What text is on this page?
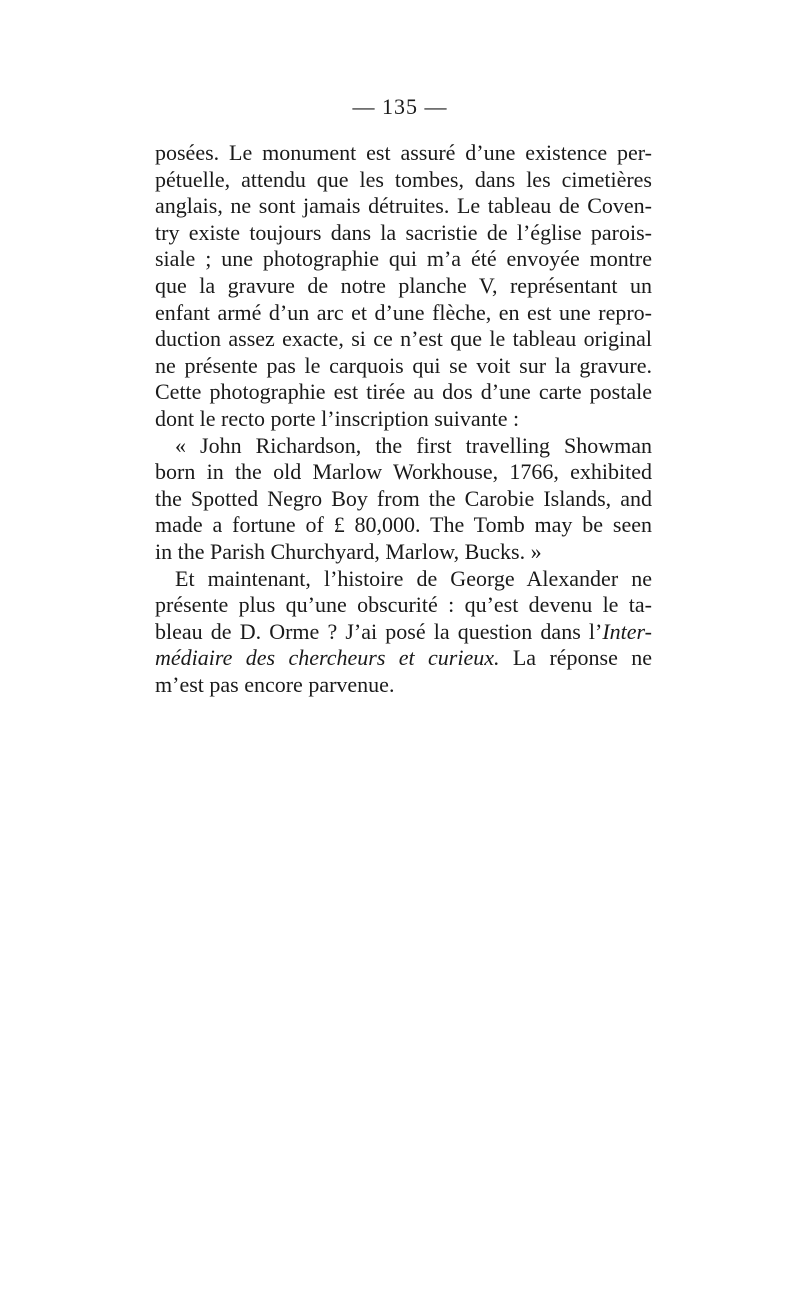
— 135 —
posées. Le monument est assuré d’une existence per-
pétuelle, attendu que les tombes, dans les cimetières
anglais, ne sont jamais détruites. Le tableau de Coven-
try existe toujours dans la sacristie de l’église parois-
siale ; une photographie qui m’a été envoyée montre
que la gravure de notre planche V, représentant un
enfant armé d’un arc et d’une flèche, en est une repro-
duction assez exacte, si ce n’est que le tableau original
ne présente pas le carquois qui se voit sur la gravure.
Cette photographie est tirée au dos d’une carte postale
dont le recto porte l’inscription suivante :
« John Richardson, the first travelling Showman
born in the old Marlow Workhouse, 1766, exhibited
the Spotted Negro Boy from the Carobie Islands, and
made a fortune of £ 80,000. The Tomb may be seen
in the Parish Churchyard, Marlow, Bucks. »
Et maintenant, l’histoire de George Alexander ne
présente plus qu’une obscurité : qu’est devenu le ta-
bleau de D. Orme ? J’ai posé la question dans l’Inter-
médiaire des chercheurs et curieux. La réponse ne
m’est pas encore parvenue.
